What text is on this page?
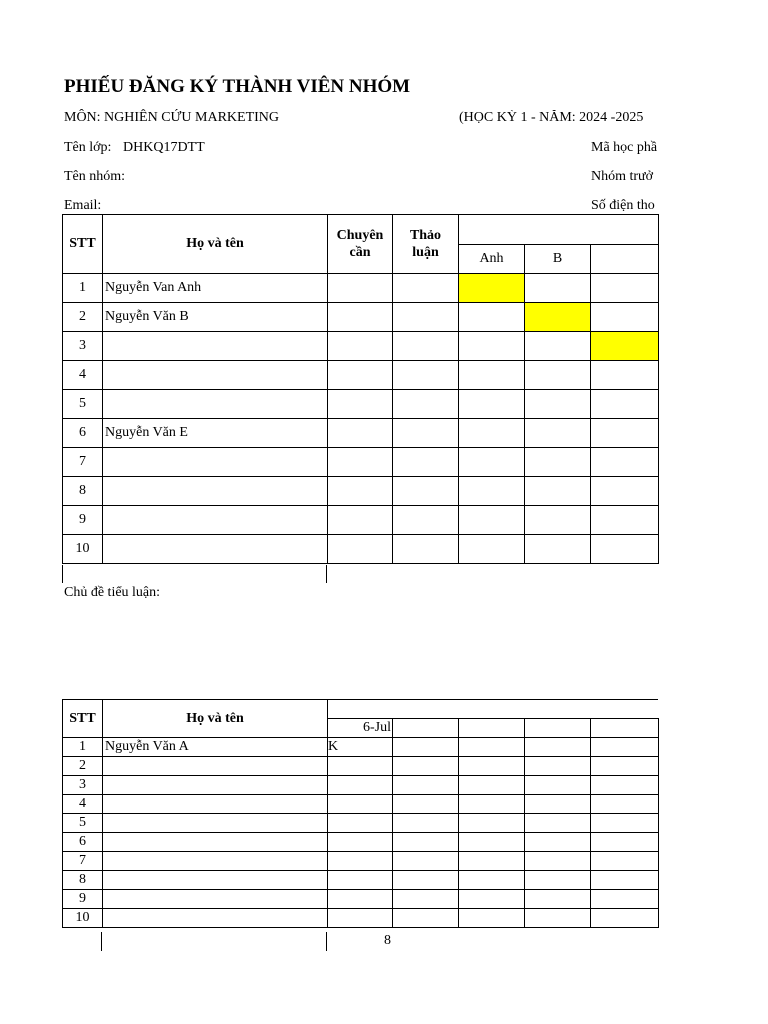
PHIẾU ĐĂNG KÝ THÀNH VIÊN NHÓM
MÔN: NGHIÊN CỨU MARKETING	(HỌC KỲ 1 - NĂM: 2024 -2025
Tên lớp: DHKQ17DTT	Mã học phầ
Tên nhóm:	Nhóm trưở
Email:	Số điện tho
STT	Họ và tên	Chuyên cần	Thảo luận			
				Anh	B	
1	Nguyễn Van Anh					
2	Nguyễn Văn B					
3						
4						
5						
6	Nguyễn Văn E					
7						
8						
9						
10						
Chủ đề tiểu luận:
STT	Họ và tên					
		6-Jul				
1	Nguyễn Văn A	K				
2						
3						
4						
5						
6						
7						
8						
9						
10						
8
